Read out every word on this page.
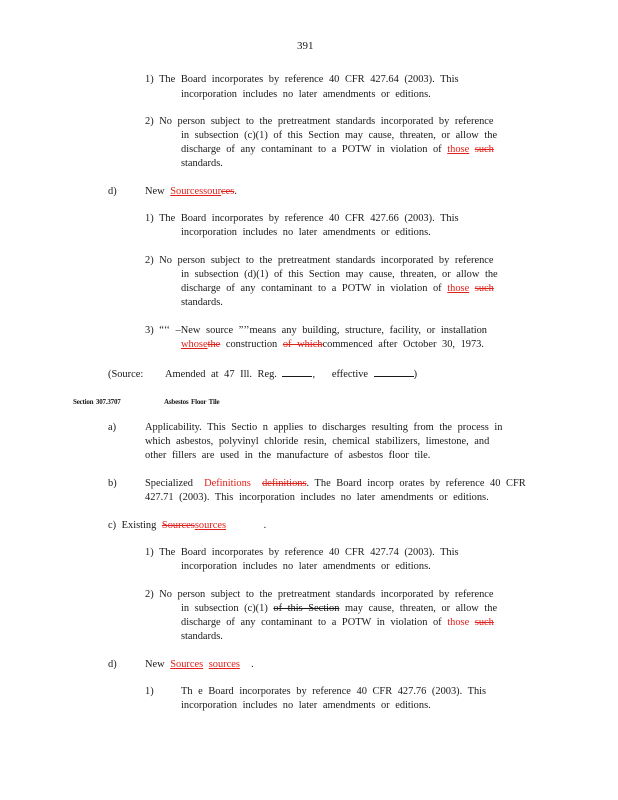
391
1) The Board incorporates by reference 40 CFR 427.64 (2003). This
incorporation includes no later amendments or editions.
2) No person subject to the pretreatment standards incorporated by reference
in subsection (c)(1) of this Section may cause, threaten, or allow the
discharge of any contaminant to a POTW in violation of those such
standards.
d)	New Sourcessources.
1) The Board incorporates by reference 40 CFR 427.66 (2003). This
incorporation includes no later amendments or editions.
2) No person subject to the pretreatment standards incorporated by reference
in subsection (d)(1) of this Section may cause, threaten, or allow the
discharge of any contaminant to a POTW in violation of those such
standards.
3) “‘‘ –New source ”’’means any building, structure, facility, or installation
whosethe construction of whichcommenced after October 30, 1973.
(Source: Amended at 47 Ill. Reg.	, effective	)
Section 307.3707	Asbestos Floor Tile
a)	Applicability. This Sectio n applies to discharges resulting from the process in
which asbestos, polyvinyl chloride resin, chemical stabilizers, limestone, and
other fillers are used in the manufacture of asbestos floor tile.
b)	Specialized Definitions definitions. The Board incorp orates by reference 40 CFR
427.71 (2003). This incorporation includes no later amendments or editions.
c) Existing Sourcessources	.
1) The Board incorporates by reference 40 CFR 427.74 (2003). This
incorporation includes no later amendments or editions.
2) No person subject to the pretreatment standards incorporated by reference
in subsection (c)(1) of this Section may cause, threaten, or allow the
discharge of any contaminant to a POTW in violation of those such
standards.
d)	New Sources sources .
1)	Th e Board incorporates by reference 40 CFR 427.76 (2003). This
incorporation includes no later amendments or editions.
